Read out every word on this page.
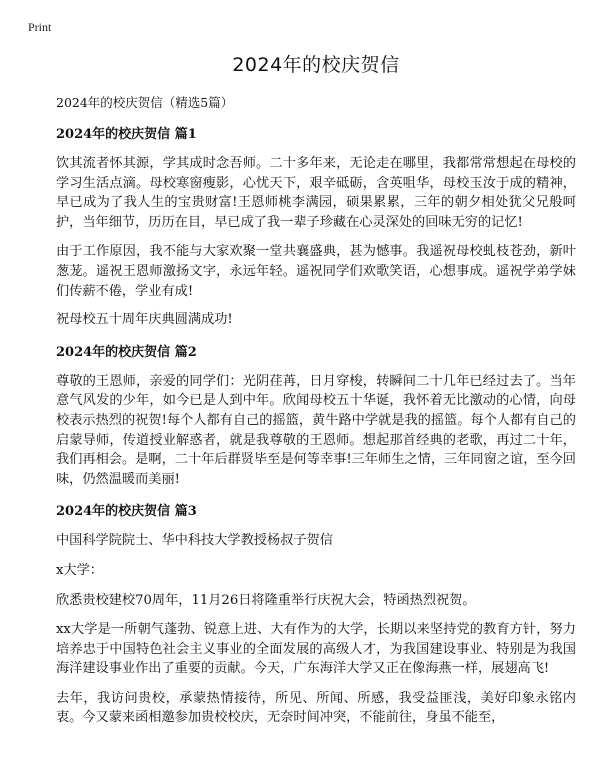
Print
2024年的校庆贺信

2024年的校庆贺信（精选5篇）

2024年的校庆贺信 篇1

饮其流者怀其源，学其成时念吾师。二十多年来，无论走在哪里，我都常常想起在母校的学习生活点滴。母校寒窗瘦影，心忧天下，艰辛砥砺，含英咀华，母校玉汝于成的精神，早已成为了我人生的宝贵财富!王恩师桃李满园，硕果累累，三年的朝夕相处犹父兄般呵护，当年细节，历历在目，早已成了我一辈子珍藏在心灵深处的回味无穷的记忆!

由于工作原因，我不能与大家欢聚一堂共襄盛典，甚为憾事。我遥祝母校虬枝苍劲，新叶葱茏。遥祝王恩师激扬文字，永远年轻。遥祝同学们欢歌笑语，心想事成。遥祝学弟学妹们传薪不倦，学业有成!

祝母校五十周年庆典圆满成功!

2024年的校庆贺信 篇2

尊敬的王恩师，亲爱的同学们：光阴荏苒，日月穿梭，转瞬间二十几年已经过去了。当年意气风发的少年，如今已是人到中年。欣闻母校五十华诞，我怀着无比激动的心情，向母校表示热烈的祝贺!每个人都有自己的摇篮，黄牛路中学就是我的摇篮。每个人都有自己的启蒙导师，传道授业解惑者，就是我尊敬的王恩师。想起那首经典的老歌，再过二十年，我们再相会。是啊，二十年后群贤毕至是何等幸事!三年师生之情，三年同窗之谊，至今回味，仍然温暖而美丽!

2024年的校庆贺信 篇3

中国科学院院士、华中科技大学教授杨叔子贺信

x大学：

欣悉贵校建校70周年，11月26日将隆重举行庆祝大会，特函热烈祝贺。

xx大学是一所朝气蓬勃、锐意上进、大有作为的大学，长期以来坚持党的教育方针，努力培养忠于中国特色社会主义事业的全面发展的高级人才，为我国建设事业、特别是为我国海洋建设事业作出了重要的贡献。今天，广东海洋大学又正在像海燕一样，展翅高飞!

去年，我访问贵校，承蒙热情接待，所见、所闻、所感，我受益匪浅，美好印象永铭内衷。今又蒙来函相邀参加贵校校庆，无奈时间冲突，不能前往，身虽不能至，
